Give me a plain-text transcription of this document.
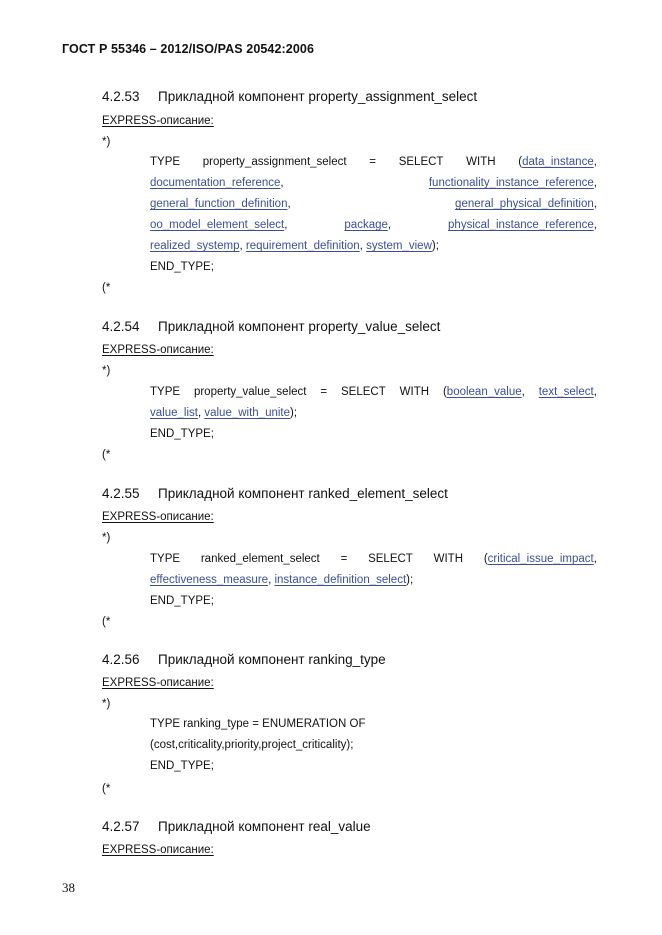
ГОСТ Р 55346 – 2012/ISO/PAS 20542:2006
4.2.53 Прикладной компонент property_assignment_select
EXPRESS-описание:
*)
TYPE property_assignment_select = SELECT WITH (data_instance,
documentation_reference,	functionality_instance_reference,
general_function_definition,	general_physical_definition,
oo_model_element_select,	package,	physical_instance_reference,
realized_systemp, requirement_definition, system_view);
END_TYPE;
(*
4.2.54 Прикладной компонент property_value_select
EXPRESS-описание:
*)
TYPE property_value_select = SELECT WITH (boolean_value, text_select,
value_list, value_with_unite);
END_TYPE;
(*
4.2.55 Прикладной компонент ranked_element_select
EXPRESS-описание:
*)
TYPE ranked_element_select = SELECT WITH (critical_issue_impact,
effectiveness_measure, instance_definition_select);
END_TYPE;
(*
4.2.56 Прикладной компонент ranking_type
EXPRESS-описание:
*)
TYPE ranking_type = ENUMERATION OF
(cost,criticality,priority,project_criticality);
END_TYPE;
(*
4.2.57 Прикладной компонент real_value
EXPRESS-описание:
38
